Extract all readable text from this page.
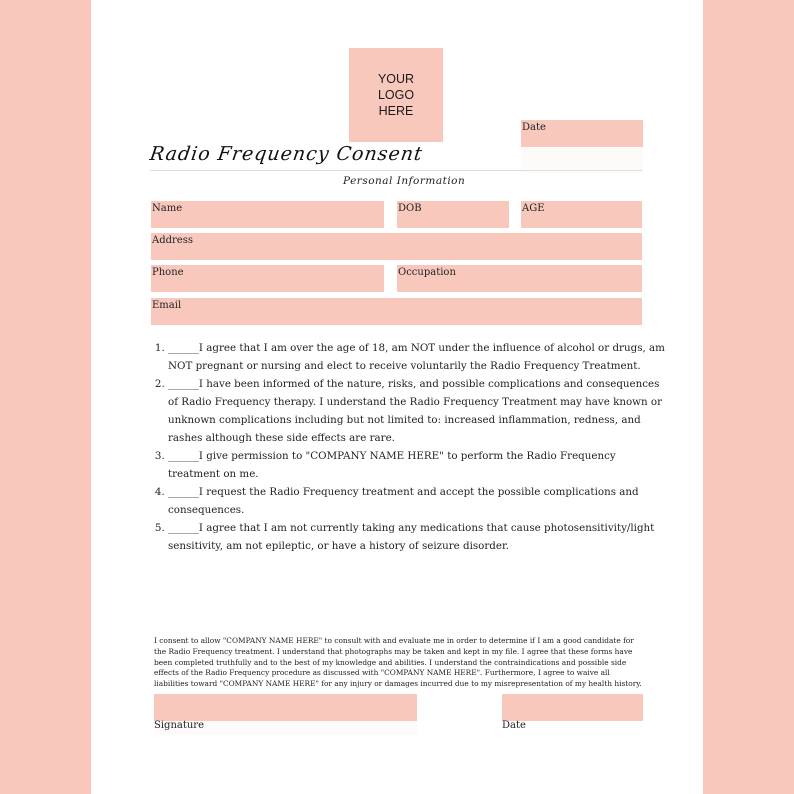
YOUR
LOGO
HERE
Date
Radio Frequency Consent
Personal Information
Name	DOB	AGE
Address
Phone	Occupation
Email
1. ______I agree that I am over the age of 18, am NOT under the influence of alcohol or drugs, am NOT pregnant or nursing and elect to receive voluntarily the Radio Frequency Treatment.
2. ______I have been informed of the nature, risks, and possible complications and consequences of Radio Frequency therapy. I understand the Radio Frequency Treatment may have known or unknown complications including but not limited to: increased inflammation, redness, and rashes although these side effects are rare.
3. ______I give permission to "COMPANY NAME HERE" to perform the Radio Frequency treatment on me.
4. ______I request the Radio Frequency treatment and accept the possible complications and consequences.
5. ______I agree that I am not currently taking any medications that cause photosensitivity/light sensitivity, am not epileptic, or have a history of seizure disorder.
I consent to allow "COMPANY NAME HERE" to consult with and evaluate me in order to determine if I am a good candidate for the Radio Frequency treatment. I understand that photographs may be taken and kept in my file. I agree that these forms have been completed truthfully and to the best of my knowledge and abilities. I understand the contraindications and possible side effects of the Radio Frequency procedure as discussed with "COMPANY NAME HERE". Furthermore, I agree to waive all liabilities toward "COMPANY NAME HERE" for any injury or damages incurred due to my misrepresentation of my health history.
Signature	Date
